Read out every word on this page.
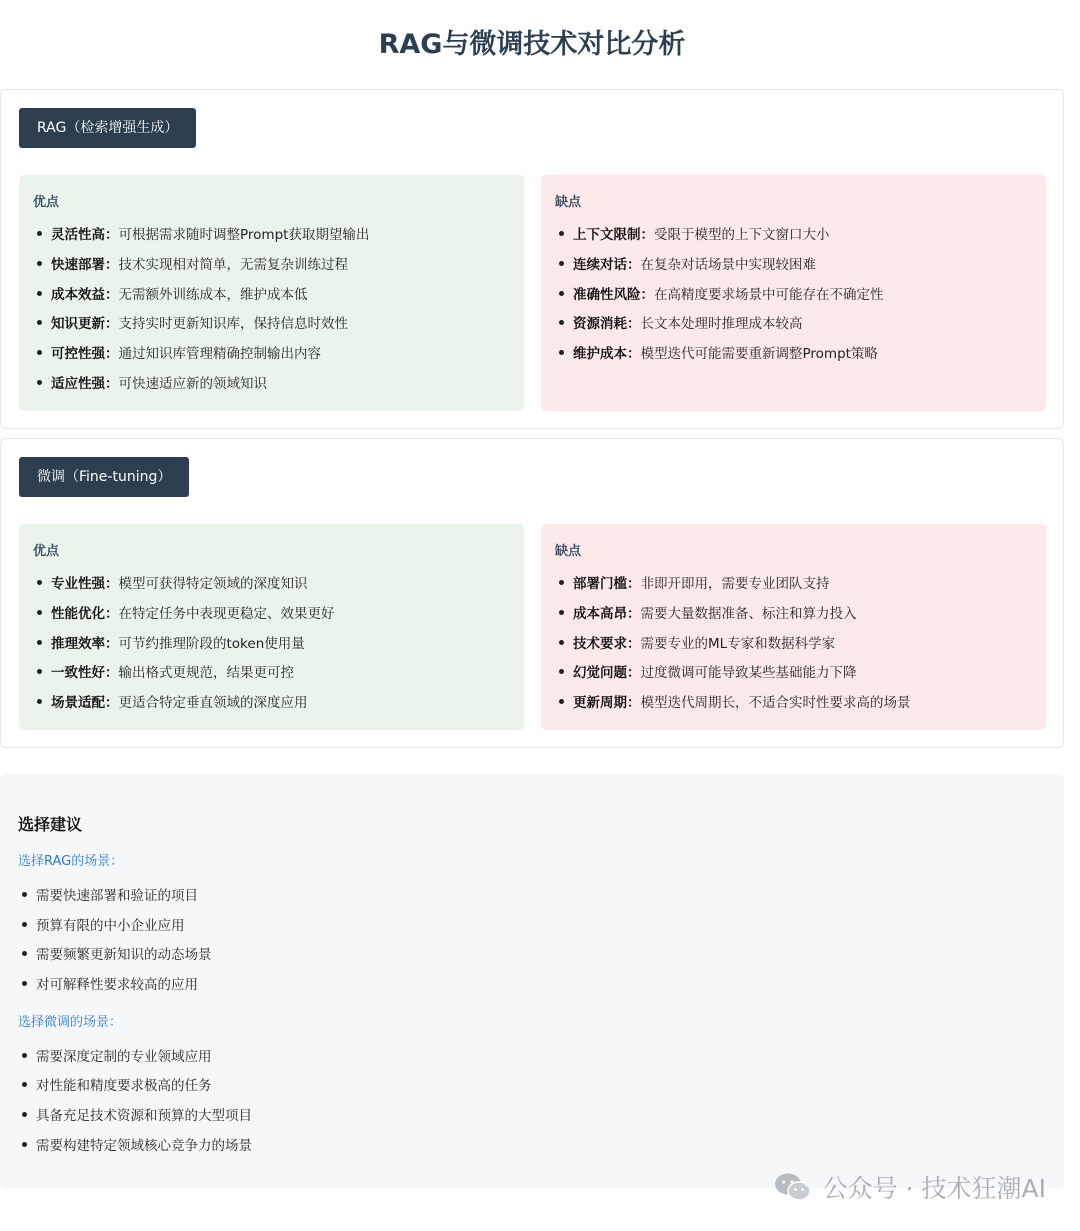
RAG与微调技术对比分析
RAG（检索增强生成）
优点
灵活性高：可根据需求随时调整Prompt获取期望输出
快速部署：技术实现相对简单，无需复杂训练过程
成本效益：无需额外训练成本，维护成本低
知识更新：支持实时更新知识库，保持信息时效性
可控性强：通过知识库管理精确控制输出内容
适应性强：可快速适应新的领域知识
缺点
上下文限制：受限于模型的上下文窗口大小
连续对话：在复杂对话场景中实现较困难
准确性风险：在高精度要求场景中可能存在不确定性
资源消耗：长文本处理时推理成本较高
维护成本：模型迭代可能需要重新调整Prompt策略
微调（Fine-tuning）
优点
专业性强：模型可获得特定领域的深度知识
性能优化：在特定任务中表现更稳定、效果更好
推理效率：可节约推理阶段的token使用量
一致性好：输出格式更规范，结果更可控
场景适配：更适合特定垂直领域的深度应用
缺点
部署门槛：非即开即用，需要专业团队支持
成本高昂：需要大量数据准备、标注和算力投入
技术要求：需要专业的ML专家和数据科学家
幻觉问题：过度微调可能导致某些基础能力下降
更新周期：模型迭代周期长，不适合实时性要求高的场景
选择建议
选择RAG的场景：
需要快速部署和验证的项目
预算有限的中小企业应用
需要频繁更新知识的动态场景
对可解释性要求较高的应用
选择微调的场景：
需要深度定制的专业领域应用
对性能和精度要求极高的任务
具备充足技术资源和预算的大型项目
需要构建特定领域核心竞争力的场景
公众号 · 技术狂潮AI
